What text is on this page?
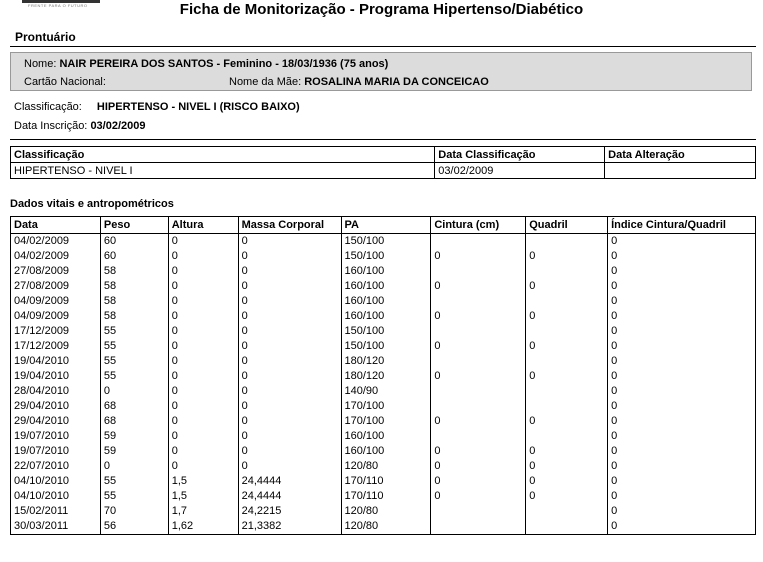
FRENTE PARA O FUTURO	Ficha de Monitorização - Programa Hipertenso/Diabético
Prontuário
Nome: NAIR PEREIRA DOS SANTOS - Feminino - 18/03/1936 (75 anos)
Cartão Nacional:	Nome da Mãe: ROSALINA MARIA DA CONCEICAO
Classificação: HIPERTENSO - NIVEL I (RISCO BAIXO)
Data Inscrição: 03/02/2009
Classificação	Data Classificação	Data Alteração
HIPERTENSO - NIVEL I	03/02/2009	
Dados vitais e antropométricos
Data	Peso	Altura	Massa Corporal	PA	Cintura (cm)	Quadril	Índice Cintura/Quadril
04/02/2009	60	0	0	150/100			0
04/02/2009	60	0	0	150/100	0	0	0
27/08/2009	58	0	0	160/100			0
27/08/2009	58	0	0	160/100	0	0	0
04/09/2009	58	0	0	160/100			0
04/09/2009	58	0	0	160/100	0	0	0
17/12/2009	55	0	0	150/100			0
17/12/2009	55	0	0	150/100	0	0	0
19/04/2010	55	0	0	180/120			0
19/04/2010	55	0	0	180/120	0	0	0
28/04/2010	0	0	0	140/90			0
29/04/2010	68	0	0	170/100			0
29/04/2010	68	0	0	170/100	0	0	0
19/07/2010	59	0	0	160/100			0
19/07/2010	59	0	0	160/100	0	0	0
22/07/2010	0	0	0	120/80	0	0	0
04/10/2010	55	1,5	24,4444	170/110	0	0	0
04/10/2010	55	1,5	24,4444	170/110	0	0	0
15/02/2011	70	1,7	24,2215	120/80			0
30/03/2011	56	1,62	21,3382	120/80			0
